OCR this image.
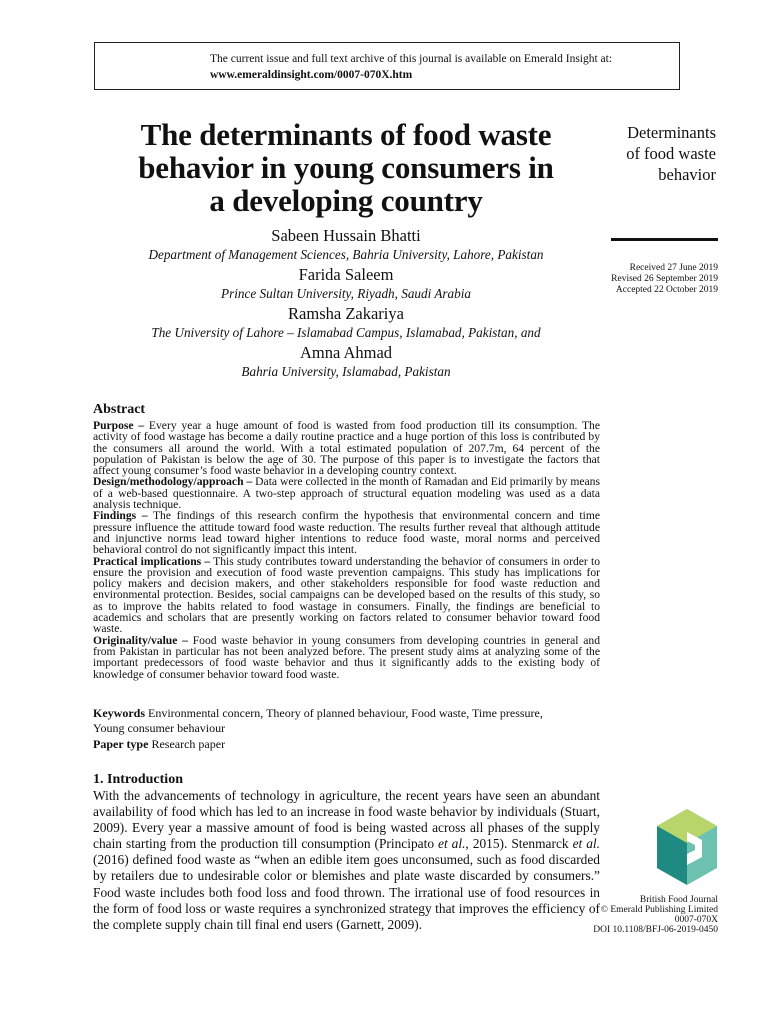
The current issue and full text archive of this journal is available on Emerald Insight at:
www.emeraldinsight.com/0007-070X.htm
The determinants of food waste
behavior in young consumers in
a developing country
Determinants
of food waste
behavior
Received 27 June 2019
Revised 26 September 2019
Accepted 22 October 2019
Sabeen Hussain Bhatti
Department of Management Sciences, Bahria University, Lahore, Pakistan
Farida Saleem
Prince Sultan University, Riyadh, Saudi Arabia
Ramsha Zakariya
The University of Lahore – Islamabad Campus, Islamabad, Pakistan, and
Amna Ahmad
Bahria University, Islamabad, Pakistan
Abstract

Purpose – Every year a huge amount of food is wasted from food production till its consumption. The activity of food wastage has become a daily routine practice and a huge portion of this loss is contributed by the consumers all around the world. With a total estimated population of 207.7m, 64 percent of the population of Pakistan is below the age of 30. The purpose of this paper is to investigate the factors that affect young consumer’s food waste behavior in a developing country context.

Design/methodology/approach – Data were collected in the month of Ramadan and Eid primarily by means of a web-based questionnaire. A two-step approach of structural equation modeling was used as a data analysis technique.

Findings – The findings of this research confirm the hypothesis that environmental concern and time pressure influence the attitude toward food waste reduction. The results further reveal that although attitude and injunctive norms lead toward higher intentions to reduce food waste, moral norms and perceived behavioral control do not significantly impact this intent.

Practical implications – This study contributes toward understanding the behavior of consumers in order to ensure the provision and execution of food waste prevention campaigns. This study has implications for policy makers and decision makers, and other stakeholders responsible for food waste reduction and environmental protection. Besides, social campaigns can be developed based on the results of this study, so as to improve the habits related to food wastage in consumers. Finally, the findings are beneficial to academics and scholars that are presently working on factors related to consumer behavior toward food waste.

Originality/value – Food waste behavior in young consumers from developing countries in general and from Pakistan in particular has not been analyzed before. The present study aims at analyzing some of the important predecessors of food waste behavior and thus it significantly adds to the existing body of knowledge of consumer behavior toward food waste.

Keywords Environmental concern, Theory of planned behaviour, Food waste, Time pressure,
Young consumer behaviour
Paper type Research paper
1. Introduction
With the advancements of technology in agriculture, the recent years have seen an abundant availability of food which has led to an increase in food waste behavior by individuals (Stuart, 2009). Every year a massive amount of food is being wasted across all phases of the supply chain starting from the production till consumption (Principato et al., 2015). Stenmarck et al. (2016) defined food waste as “when an edible item goes unconsumed, such as food discarded by retailers due to undesirable color or blemishes and plate waste discarded by consumers.” Food waste includes both food loss and food thrown. The irrational use of food resources in the form of food loss or waste requires a synchronized strategy that improves the efficiency of the complete supply chain till final end users (Garnett, 2009).
British Food Journal
© Emerald Publishing Limited
0007-070X
DOI 10.1108/BFJ-06-2019-0450
